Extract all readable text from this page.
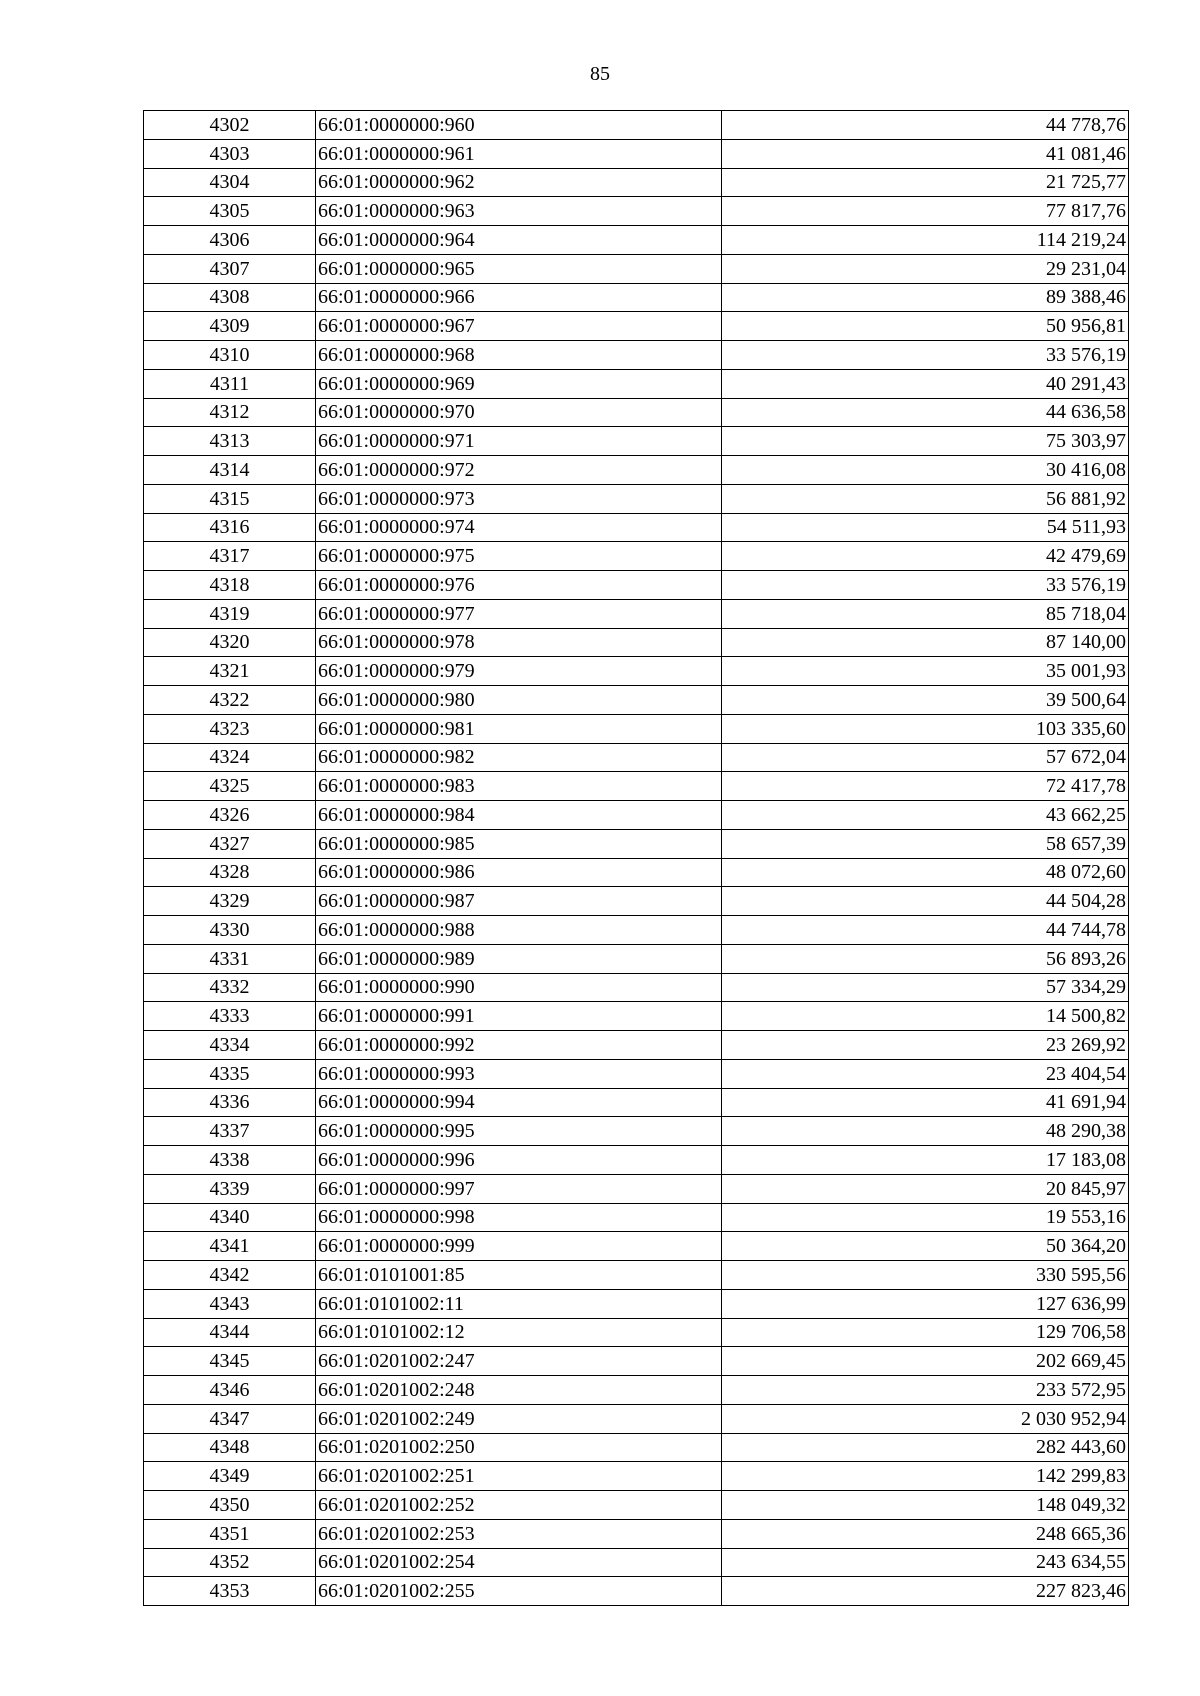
85
4302	66:01:0000000:960	44 778,76
4303	66:01:0000000:961	41 081,46
4304	66:01:0000000:962	21 725,77
4305	66:01:0000000:963	77 817,76
4306	66:01:0000000:964	114 219,24
4307	66:01:0000000:965	29 231,04
4308	66:01:0000000:966	89 388,46
4309	66:01:0000000:967	50 956,81
4310	66:01:0000000:968	33 576,19
4311	66:01:0000000:969	40 291,43
4312	66:01:0000000:970	44 636,58
4313	66:01:0000000:971	75 303,97
4314	66:01:0000000:972	30 416,08
4315	66:01:0000000:973	56 881,92
4316	66:01:0000000:974	54 511,93
4317	66:01:0000000:975	42 479,69
4318	66:01:0000000:976	33 576,19
4319	66:01:0000000:977	85 718,04
4320	66:01:0000000:978	87 140,00
4321	66:01:0000000:979	35 001,93
4322	66:01:0000000:980	39 500,64
4323	66:01:0000000:981	103 335,60
4324	66:01:0000000:982	57 672,04
4325	66:01:0000000:983	72 417,78
4326	66:01:0000000:984	43 662,25
4327	66:01:0000000:985	58 657,39
4328	66:01:0000000:986	48 072,60
4329	66:01:0000000:987	44 504,28
4330	66:01:0000000:988	44 744,78
4331	66:01:0000000:989	56 893,26
4332	66:01:0000000:990	57 334,29
4333	66:01:0000000:991	14 500,82
4334	66:01:0000000:992	23 269,92
4335	66:01:0000000:993	23 404,54
4336	66:01:0000000:994	41 691,94
4337	66:01:0000000:995	48 290,38
4338	66:01:0000000:996	17 183,08
4339	66:01:0000000:997	20 845,97
4340	66:01:0000000:998	19 553,16
4341	66:01:0000000:999	50 364,20
4342	66:01:0101001:85	330 595,56
4343	66:01:0101002:11	127 636,99
4344	66:01:0101002:12	129 706,58
4345	66:01:0201002:247	202 669,45
4346	66:01:0201002:248	233 572,95
4347	66:01:0201002:249	2 030 952,94
4348	66:01:0201002:250	282 443,60
4349	66:01:0201002:251	142 299,83
4350	66:01:0201002:252	148 049,32
4351	66:01:0201002:253	248 665,36
4352	66:01:0201002:254	243 634,55
4353	66:01:0201002:255	227 823,46
